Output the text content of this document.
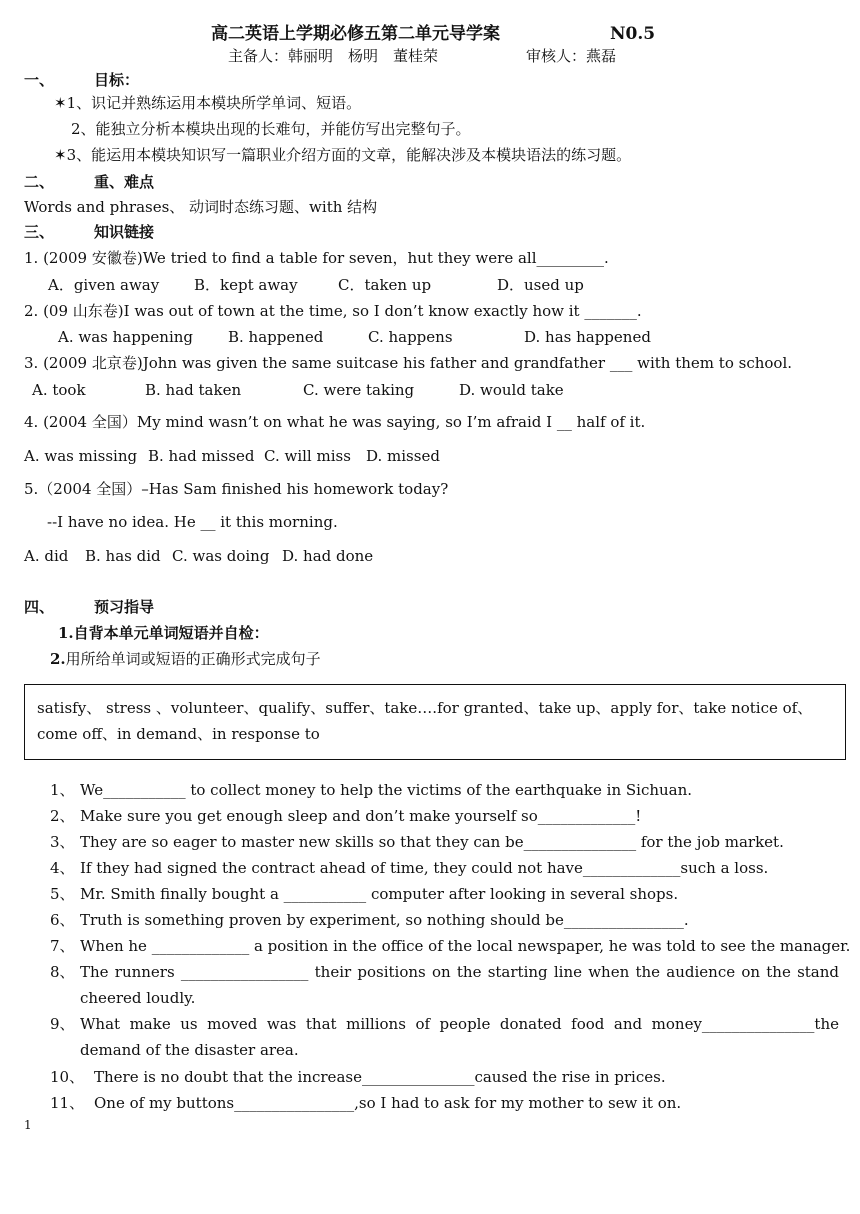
高二英语上学期必修五第二单元导学案	N0.5
主备人：韩丽明　杨明　董桂荣	审核人：燕磊
一、	目标：
✶1、识记并熟练运用本模块所学单词、短语。
2、能独立分析本模块出现的长难句，并能仿写出完整句子。
✶3、能运用本模块知识写一篇职业介绍方面的文章，能解决涉及本模块语法的练习题。
二、	重、难点
Words and phrases、 动词时态练习题、with 结构
三、	知识链接
1. (2009 安徽卷)We tried to find a table for seven，hut they were all_________.
A．given away B．kept away	C．taken up	D．used up
2. (09 山东卷)I was out of town at the time, so I don’t know exactly how it _______.
A. was happening B. happened	C. happens	D. has happened
3. (2009 北京卷)John was given the same suitcase his father and grandfather ___ with them to school.
A. took	B. had taken	C. were taking	D. would take
4. (2004 全国）My mind wasn’t on what he was saying, so I’m afraid I __ half of it.
A. was missing B. had missed C. will miss D. missed
5.（2004 全国）–Has Sam finished his homework today?
--I have no idea. He __ it this morning.
A. did B. has did C. was doing D. had done
四、	预习指导
1.自背本单元单词短语并自检：
2.用所给单词或短语的正确形式完成句子
satisfy、 stress 、volunteer、qualify、suffer、take….for granted、take up、apply for、take notice of、come off、in demand、in response to
1、 We___________ to collect money to help the victims of the earthquake in Sichuan.
2、 Make sure you get enough sleep and don’t make yourself so_____________!
3、 They are so eager to master new skills so that they can be_______________ for the job market.
4、 If they had signed the contract ahead of time, they could not have_____________such a loss.
5、 Mr. Smith finally bought a ___________ computer after looking in several shops.
6、 Truth is something proven by experiment, so nothing should be________________.
7、 When he _____________ a position in the office of the local newspaper, he was told to see the manager.
8、 The runners _________________ their positions on the starting line when the audience on the stand cheered loudly.
9、 What make us moved was that millions of people donated food and money_______________the demand of the disaster area.
10、 There is no doubt that the increase_______________caused the rise in prices.
11、 One of my buttons________________,so I had to ask for my mother to sew it on.
1
